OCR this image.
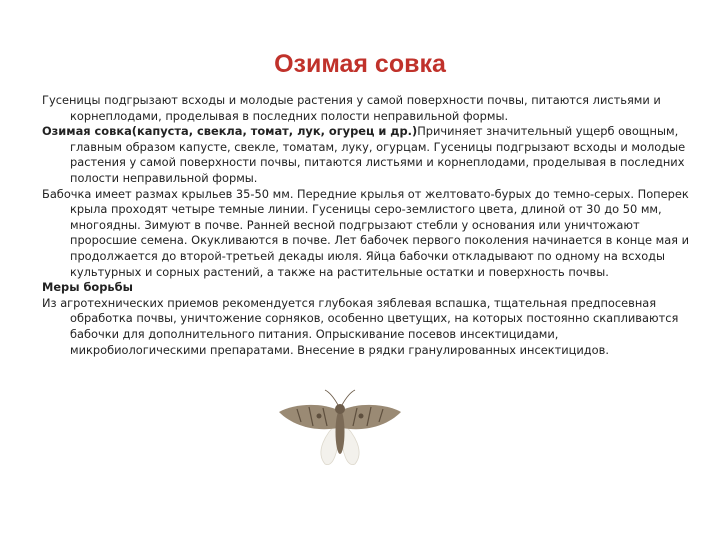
Озимая совка

Гусеницы подгрызают всходы и молодые растения у самой поверхности почвы, питаются листьями и корнеплодами, проделывая в последних полости неправильной формы.

Озимая совка(капуста, свекла, томат, лук, огурец и др.)Причиняет значительный ущерб овощным, главным образом капусте, свекле, томатам, луку, огурцам. Гусеницы подгрызают всходы и молодые растения у самой поверхности почвы, питаются листьями и корнеплодами, проделывая в последних полости неправильной формы.

Бабочка имеет размах крыльев 35-50 мм. Передние крылья от желтовато-бурых до темно-серых. Поперек крыла проходят четыре темные линии. Гусеницы серо-землистого цвета, длиной от 30 до 50 мм, многоядны. Зимуют в почве. Ранней весной подгрызают стебли у основания или уничтожают проросшие семена. Окукливаются в почве. Лет бабочек первого поколения начинается в конце мая и продолжается до второй-третьей декады июля. Яйца бабочки откладывают по одному на всходы культурных и сорных растений, а также на растительные остатки и поверхность почвы.

Меры борьбы

Из агротехнических приемов рекомендуется глубокая зяблевая вспашка, тщательная предпосевная обработка почвы, уничтожение сорняков, особенно цветущих, на которых постоянно скапливаются бабочки для дополнительного питания. Опрыскивание посевов инсектицидами, микробиологическими препаратами. Внесение в рядки гранулированных инсектицидов.
